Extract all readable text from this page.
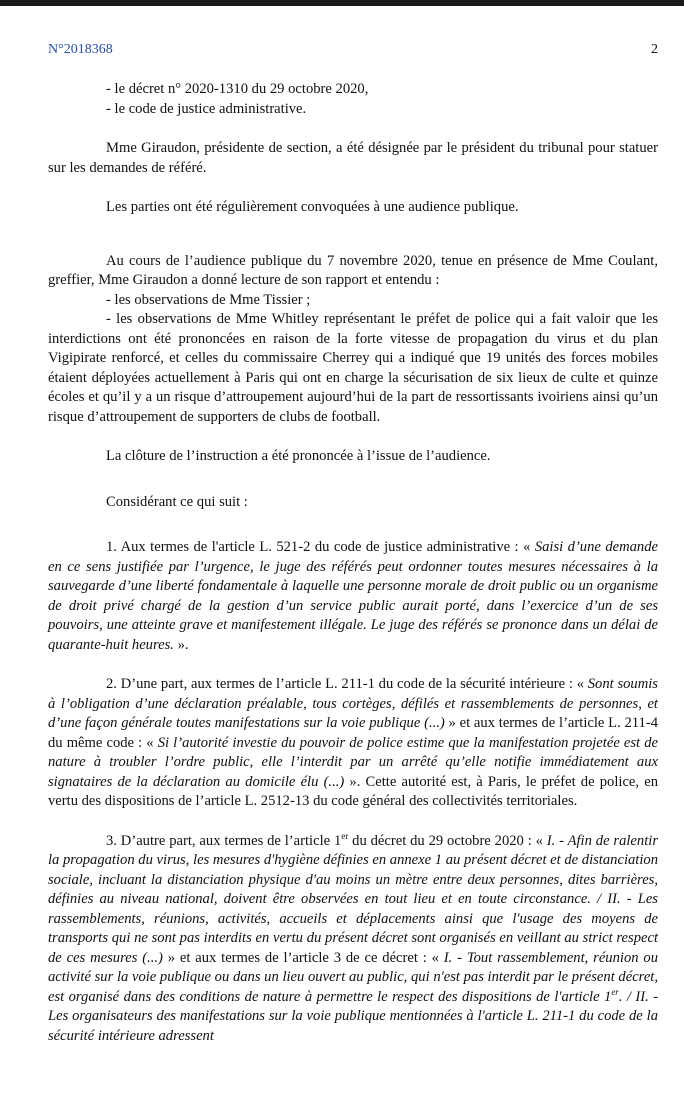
N°2018368	2

- le décret n° 2020-1310 du 29 octobre 2020,

- le code de justice administrative.

Mme Giraudon, présidente de section, a été désignée par le président du tribunal pour statuer sur les demandes de référé.

Les parties ont été régulièrement convoquées à une audience publique.

Au cours de l’audience publique du 7 novembre 2020, tenue en présence de Mme Coulant, greffier, Mme Giraudon a donné lecture de son rapport et entendu :

- les observations de Mme Tissier ;

- les observations de Mme Whitley représentant le préfet de police qui a fait valoir que les interdictions ont été prononcées en raison de la forte vitesse de propagation du virus et du plan Vigipirate renforcé, et celles du commissaire Cherrey qui a indiqué que 19 unités des forces mobiles étaient déployées actuellement à Paris qui ont en charge la sécurisation de six lieux de culte et quinze écoles et qu’il y a un risque d’attroupement aujourd’hui de la part de ressortissants ivoiriens ainsi qu’un risque d’attroupement de supporters de clubs de football.

La clôture de l’instruction a été prononcée à l’issue de l’audience.

Considérant ce qui suit :

1. Aux termes de l'article L. 521-2 du code de justice administrative : « Saisi d’une demande en ce sens justifiée par l’urgence, le juge des référés peut ordonner toutes mesures nécessaires à la sauvegarde d’une liberté fondamentale à laquelle une personne morale de droit public ou un organisme de droit privé chargé de la gestion d’un service public aurait porté, dans l’exercice d’un de ses pouvoirs, une atteinte grave et manifestement illégale. Le juge des référés se prononce dans un délai de quarante-huit heures. ».

2. D’une part, aux termes de l’article L. 211-1 du code de la sécurité intérieure : « Sont soumis à l’obligation d’une déclaration préalable, tous cortèges, défilés et rassemblements de personnes, et d’une façon générale toutes manifestations sur la voie publique (...) » et aux termes de l’article L. 211-4 du même code : « Si l’autorité investie du pouvoir de police estime que la manifestation projetée est de nature à troubler l’ordre public, elle l’interdit par un arrêté qu’elle notifie immédiatement aux signataires de la déclaration au domicile élu (...) ». Cette autorité est, à Paris, le préfet de police, en vertu des dispositions de l’article L. 2512-13 du code général des collectivités territoriales.

3. D’autre part, aux termes de l’article 1er du décret du 29 octobre 2020 : « I. - Afin de ralentir la propagation du virus, les mesures d'hygiène définies en annexe 1 au présent décret et de distanciation sociale, incluant la distanciation physique d'au moins un mètre entre deux personnes, dites barrières, définies au niveau national, doivent être observées en tout lieu et en toute circonstance. / II. - Les rassemblements, réunions, activités, accueils et déplacements ainsi que l'usage des moyens de transports qui ne sont pas interdits en vertu du présent décret sont organisés en veillant au strict respect de ces mesures (...) » et aux termes de l’article 3 de ce décret : « I. - Tout rassemblement, réunion ou activité sur la voie publique ou dans un lieu ouvert au public, qui n'est pas interdit par le présent décret, est organisé dans des conditions de nature à permettre le respect des dispositions de l'article 1er. / II. - Les organisateurs des manifestations sur la voie publique mentionnées à l'article L. 211-1 du code de la sécurité intérieure adressent
